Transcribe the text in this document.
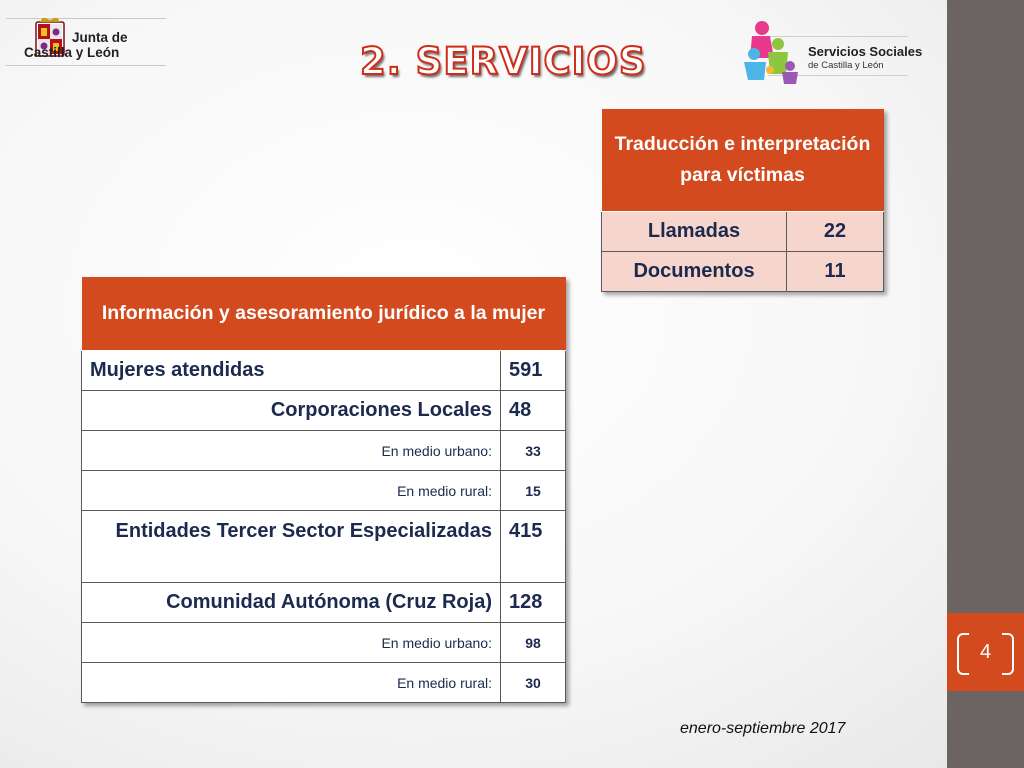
Junta de
Castilla y León	2. SERVICIOS	Servicios Sociales
de Castilla y León
Traducción e interpretación para víctimas	
Llamadas	22
Documentos	11
Información y asesoramiento jurídico a la mujer	
Mujeres atendidas	591
Corporaciones Locales	48
En medio urbano:	33
En medio rural:	15
Entidades Tercer Sector Especializadas	415
Comunidad Autónoma (Cruz Roja)	128
En medio urbano:	98
En medio rural:	30
enero-septiembre 2017
4
